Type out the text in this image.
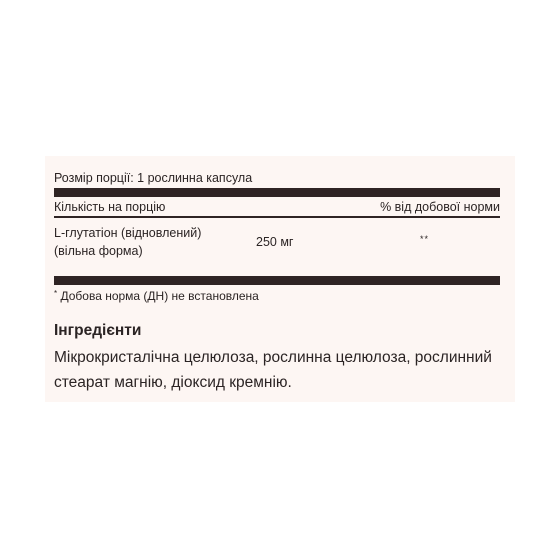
Розмір порції: 1 рослинна капсула
Кількість на порцію	% від добової норми
L-глутатіон (відновлений) (вільна форма)
250 мг	**
* Добова норма (ДН) не встановлена
Інгредієнти
Мікрокристалічна целюлоза, рослинна целюлоза, рослинний стеарат магнію, діоксид кремнію.
